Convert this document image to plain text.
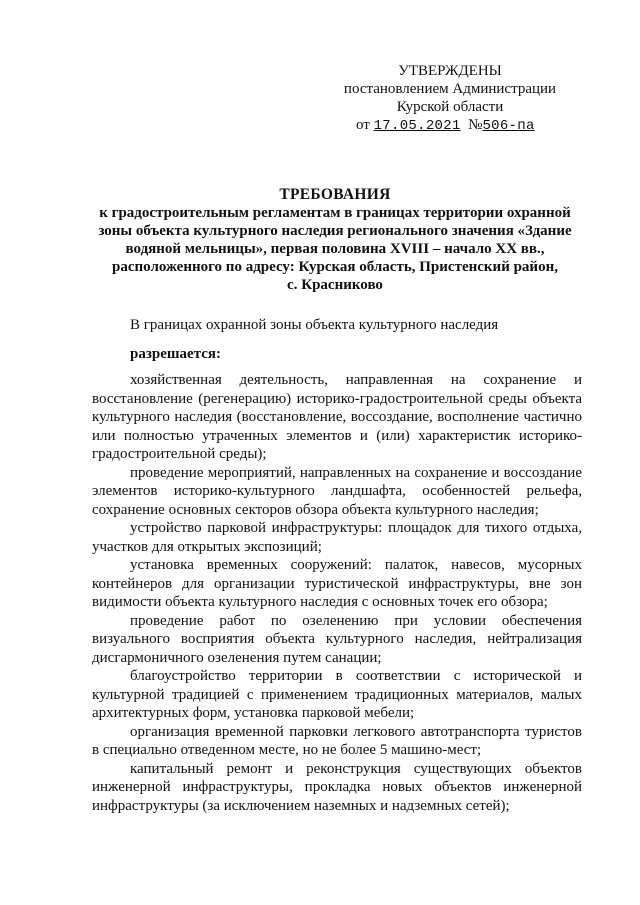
УТВЕРЖДЕНЫ
постановлением Администрации
Курской области
от 17.05.2021 №506-па
ТРЕБОВАНИЯ
к градостроительным регламентам в границах территории охранной
зоны объекта культурного наследия регионального значения «Здание
водяной мельницы», первая половина XVIII – начало XX вв.,
расположенного по адресу: Курская область, Пристенский район,
с. Красниково

В границах охранной зоны объекта культурного наследия

разрешается:

хозяйственная деятельность, направленная на сохранение и восстановление (регенерацию) историко-градостроительной среды объекта культурного наследия (восстановление, воссоздание, восполнение частично или полностью утраченных элементов и (или) характеристик историко-градостроительной среды);

проведение мероприятий, направленных на сохранение и воссоздание элементов историко-культурного ландшафта, особенностей рельефа, сохранение основных секторов обзора объекта культурного наследия;

устройство парковой инфраструктуры: площадок для тихого отдыха, участков для открытых экспозиций;

установка временных сооружений: палаток, навесов, мусорных контейнеров для организации туристической инфраструктуры, вне зон видимости объекта культурного наследия с основных точек его обзора;

проведение работ по озеленению при условии обеспечения визуального восприятия объекта культурного наследия, нейтрализация дисгармоничного озеленения путем санации;

благоустройство территории в соответствии с исторической и культурной традицией с применением традиционных материалов, малых архитектурных форм, установка парковой мебели;

организация временной парковки легкового автотранспорта туристов в специально отведенном месте, но не более 5 машино-мест;

капитальный ремонт и реконструкция существующих объектов инженерной инфраструктуры, прокладка новых объектов инженерной инфраструктуры (за исключением наземных и надземных сетей);
